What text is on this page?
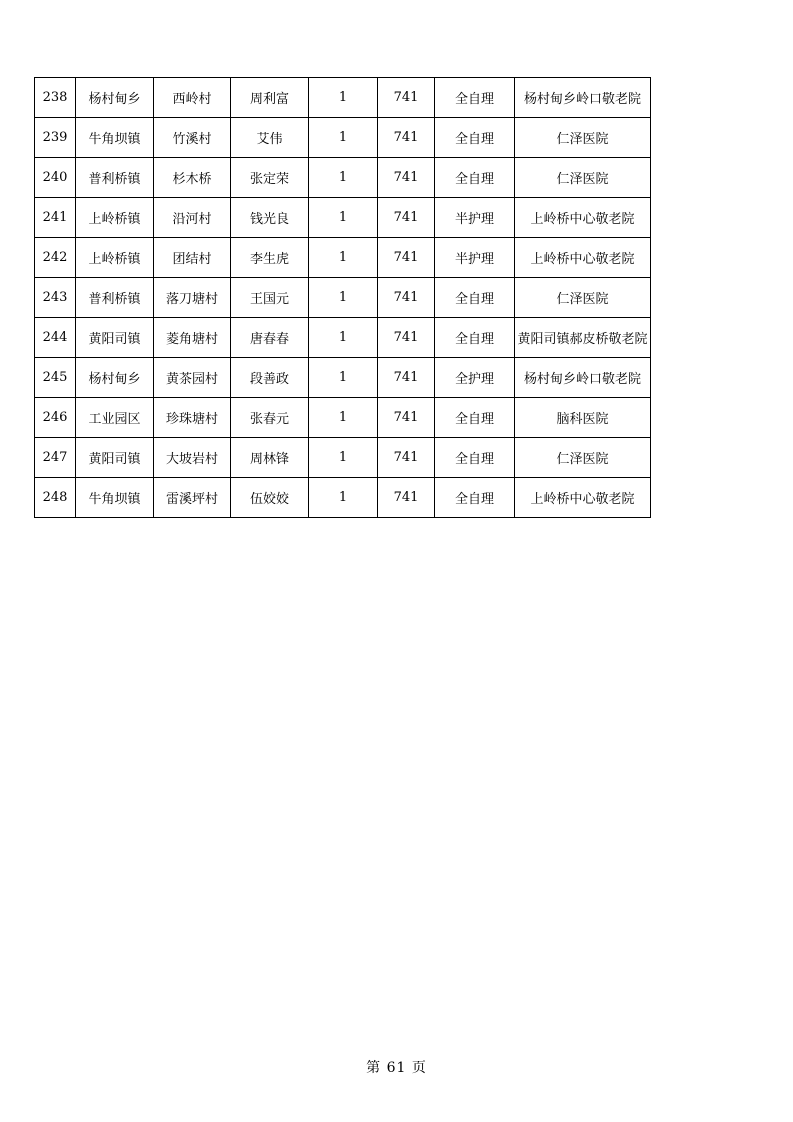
238	杨村甸乡	西岭村	周利富	1	741	全自理	杨村甸乡岭口敬老院
239	牛角坝镇	竹溪村	艾伟	1	741	全自理	仁泽医院
240	普利桥镇	杉木桥	张定荣	1	741	全自理	仁泽医院
241	上岭桥镇	沿河村	钱光良	1	741	半护理	上岭桥中心敬老院
242	上岭桥镇	团结村	李生虎	1	741	半护理	上岭桥中心敬老院
243	普利桥镇	落刀塘村	王国元	1	741	全自理	仁泽医院
244	黄阳司镇	菱角塘村	唐春春	1	741	全自理	黄阳司镇郝皮桥敬老院
245	杨村甸乡	黄茶园村	段善政	1	741	全护理	杨村甸乡岭口敬老院
246	工业园区	珍珠塘村	张春元	1	741	全自理	脑科医院
247	黄阳司镇	大坡岩村	周林锋	1	741	全自理	仁泽医院
248	牛角坝镇	雷溪坪村	伍姣姣	1	741	全自理	上岭桥中心敬老院
第 61 页
